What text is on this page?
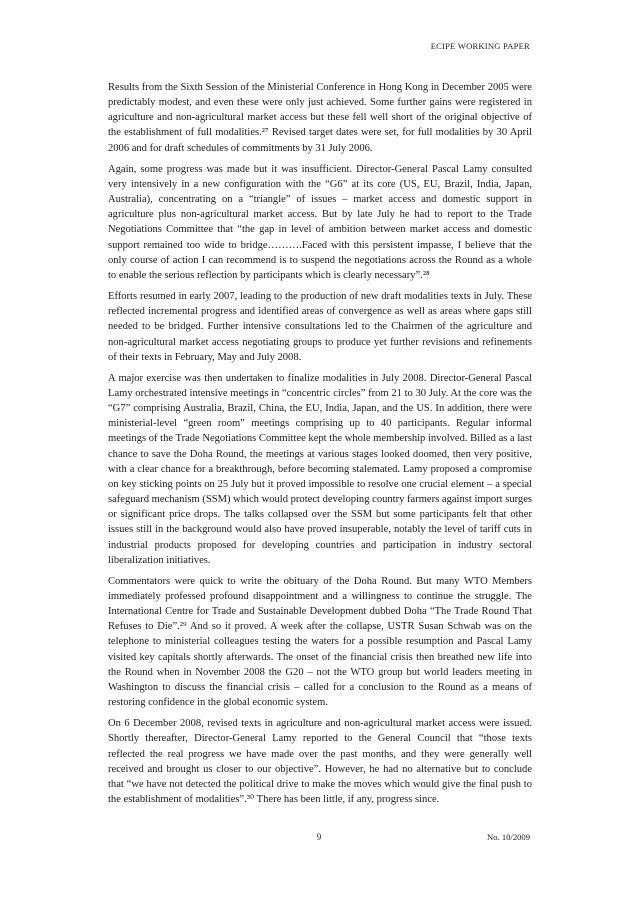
ECIPE WORKING PAPER

Results from the Sixth Session of the Ministerial Conference in Hong Kong in December 2005 were predictably modest, and even these were only just achieved. Some further gains were registered in agriculture and non-agricultural market access but these fell well short of the original objective of the establishment of full modalities.²⁷ Revised target dates were set, for full modalities by 30 April 2006 and for draft schedules of commitments by 31 July 2006.

Again, some progress was made but it was insufficient. Director-General Pascal Lamy consulted very intensively in a new configuration with the “G6” at its core (US, EU, Brazil, India, Japan, Australia), concentrating on a “triangle” of issues – market access and domestic support in agriculture plus non-agricultural market access. But by late July he had to report to the Trade Negotiations Committee that “the gap in level of ambition between market access and domestic support remained too wide to bridge……….Faced with this persistent impasse, I believe that the only course of action I can recommend is to suspend the negotiations across the Round as a whole to enable the serious reflection by participants which is clearly necessary”.²⁸

Efforts resumed in early 2007, leading to the production of new draft modalities texts in July. These reflected incremental progress and identified areas of convergence as well as areas where gaps still needed to be bridged. Further intensive consultations led to the Chairmen of the agriculture and non-agricultural market access negotiating groups to produce yet further revisions and refinements of their texts in February, May and July 2008.

A major exercise was then undertaken to finalize modalities in July 2008. Director-General Pascal Lamy orchestrated intensive meetings in “concentric circles” from 21 to 30 July. At the core was the “G7” comprising Australia, Brazil, China, the EU, India, Japan, and the US. In addition, there were ministerial-level “green room” meetings comprising up to 40 participants. Regular informal meetings of the Trade Negotiations Committee kept the whole membership involved. Billed as a last chance to save the Doha Round, the meetings at various stages looked doomed, then very positive, with a clear chance for a breakthrough, before becoming stalemated. Lamy proposed a compromise on key sticking points on 25 July but it proved impossible to resolve one crucial element – a special safeguard mechanism (SSM) which would protect developing country farmers against import surges or significant price drops. The talks collapsed over the SSM but some participants felt that other issues still in the background would also have proved insuperable, notably the level of tariff cuts in industrial products proposed for developing countries and participation in industry sectoral liberalization initiatives.

Commentators were quick to write the obituary of the Doha Round. But many WTO Members immediately professed profound disappointment and a willingness to continue the struggle. The International Centre for Trade and Sustainable Development dubbed Doha “The Trade Round That Refuses to Die”.²⁹ And so it proved. A week after the collapse, USTR Susan Schwab was on the telephone to ministerial colleagues testing the waters for a possible resumption and Pascal Lamy visited key capitals shortly afterwards. The onset of the financial crisis then breathed new life into the Round when in November 2008 the G20 – not the WTO group but world leaders meeting in Washington to discuss the financial crisis – called for a conclusion to the Round as a means of restoring confidence in the global economic system.

On 6 December 2008, revised texts in agriculture and non-agricultural market access were issued. Shortly thereafter, Director-General Lamy reported to the General Council that “those texts reflected the real progress we have made over the past months, and they were generally well received and brought us closer to our objective”. However, he had no alternative but to conclude that “we have not detected the political drive to make the moves which would give the final push to the establishment of modalities”.³⁰ There has been little, if any, progress since.

9	No. 10/2009
